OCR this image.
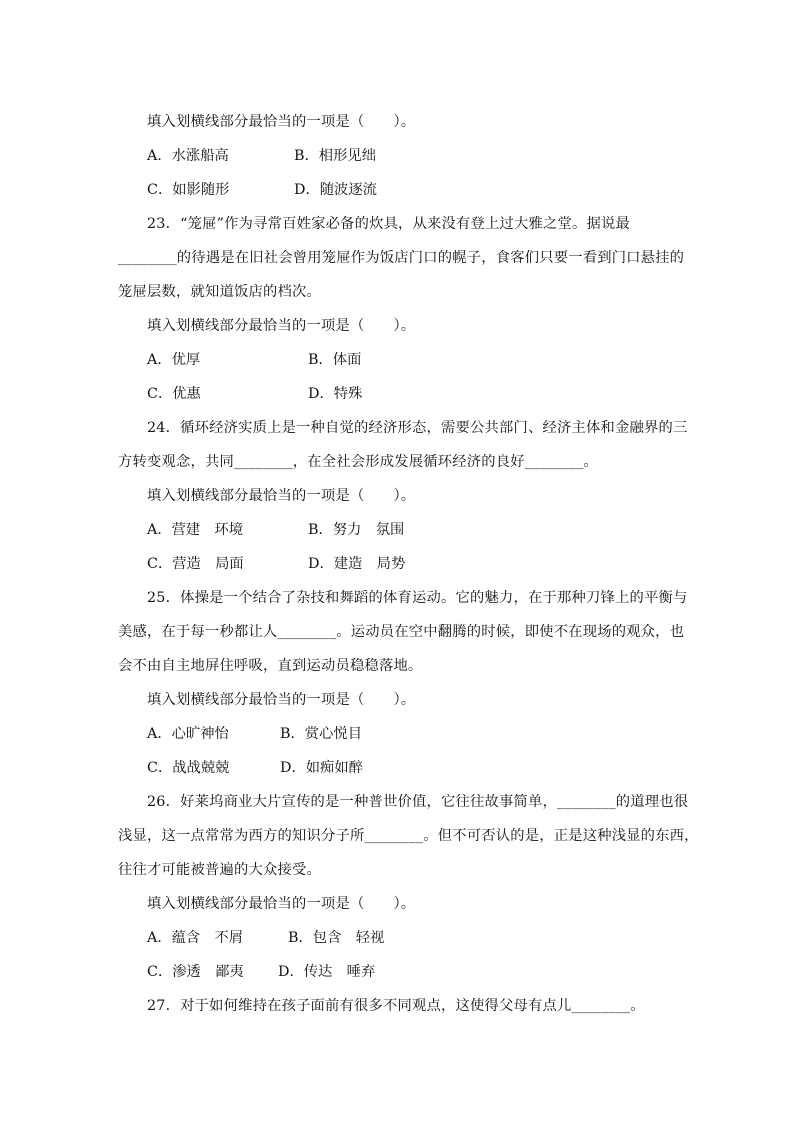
填入划横线部分最恰当的一项是（　　）。
A．水涨船高	B．相形见绌
C．如影随形	D．随波逐流
23．“笼屉”作为寻常百姓家必备的炊具，从来没有登上过大雅之堂。据说最
________的待遇是在旧社会曾用笼屉作为饭店门口的幌子，食客们只要一看到门口悬挂的
笼屉层数，就知道饭店的档次。
填入划横线部分最恰当的一项是（　　）。
A．优厚	B．体面
C．优惠	D．特殊
24．循环经济实质上是一种自觉的经济形态，需要公共部门、经济主体和金融界的三
方转变观念，共同________，在全社会形成发展循环经济的良好________。
填入划横线部分最恰当的一项是（　　）。
A．营建　环境	B．努力　氛围
C．营造　局面	D．建造　局势
25．体操是一个结合了杂技和舞蹈的体育运动。它的魅力，在于那种刀锋上的平衡与
美感，在于每一秒都让人________。运动员在空中翻腾的时候，即使不在现场的观众，也
会不由自主地屏住呼吸，直到运动员稳稳落地。
填入划横线部分最恰当的一项是（　　）。
A．心旷神怡	B．赏心悦目
C．战战兢兢	D．如痴如醉
26．好莱坞商业大片宣传的是一种普世价值，它往往故事简单，________的道理也很
浅显，这一点常常为西方的知识分子所________。但不可否认的是，正是这种浅显的东西，
往往才可能被普遍的大众接受。
填入划横线部分最恰当的一项是（　　）。
A．蕴含　不屑	B．包含　轻视
C．渗透　鄙夷 D．传达　唾弃
27．对于如何维持在孩子面前有很多不同观点，这使得父母有点儿________。
